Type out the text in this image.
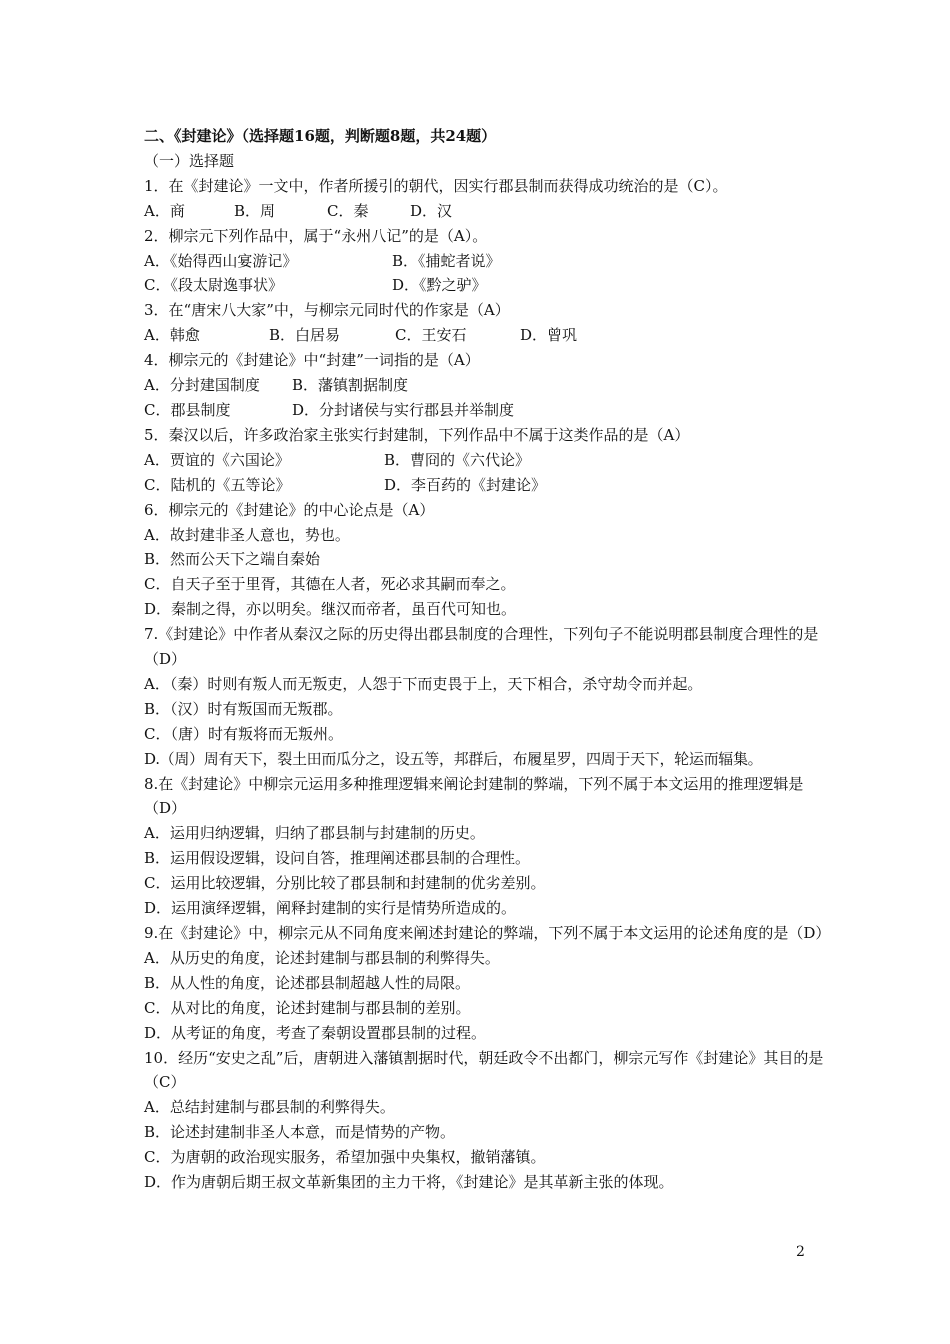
二、《封建论》（选择题16题，判断题8题，共24题）

（一）选择题

1．在《封建论》一文中，作者所援引的朝代，因实行郡县制而获得成功统治的是（C）。

A．商	B．周	C．秦	D．汉

2．柳宗元下列作品中，属于“永州八记”的是（A）。

A．《始得西山宴游记》	B．《捕蛇者说》

C．《段太尉逸事状》	D．《黔之驴》

3．在“唐宋八大家”中，与柳宗元同时代的作家是（A）

A．韩愈	B．白居易	C．王安石	D．曾巩

4．柳宗元的《封建论》中“封建”一词指的是（A）

A．分封建国制度 B．藩镇割据制度

C．郡县制度	D．分封诸侯与实行郡县并举制度

5．秦汉以后，许多政治家主张实行封建制，下列作品中不属于这类作品的是（A）

A．贾谊的《六国论》	B．曹冏的《六代论》

C．陆机的《五等论》	D．李百药的《封建论》

6．柳宗元的《封建论》的中心论点是（A）

A．故封建非圣人意也，势也。

B．然而公天下之端自秦始

C．自天子至于里胥，其德在人者，死必求其嗣而奉之。

D．秦制之得，亦以明矣。继汉而帝者，虽百代可知也。

7.《封建论》中作者从秦汉之际的历史得出郡县制度的合理性，下列句子不能说明郡县制度合理性的是（D）

A．（秦）时则有叛人而无叛吏，人怨于下而吏畏于上，天下相合，杀守劫令而并起。

B．（汉）时有叛国而无叛郡。

C．（唐）时有叛将而无叛州。

D.（周）周有天下，裂土田而瓜分之，设五等，邦群后，布履星罗，四周于天下，轮运而辐集。

8.在《封建论》中柳宗元运用多种推理逻辑来阐论封建制的弊端，下列不属于本文运用的推理逻辑是（D）

A．运用归纳逻辑，归纳了郡县制与封建制的历史。

B．运用假设逻辑，设问自答，推理阐述郡县制的合理性。

C．运用比较逻辑，分别比较了郡县制和封建制的优劣差别。

D．运用演绎逻辑，阐释封建制的实行是情势所造成的。

9.在《封建论》中，柳宗元从不同角度来阐述封建论的弊端，下列不属于本文运用的论述角度的是（D）

A．从历史的角度，论述封建制与郡县制的利弊得失。

B．从人性的角度，论述郡县制超越人性的局限。

C．从对比的角度，论述封建制与郡县制的差别。

D．从考证的角度，考查了秦朝设置郡县制的过程。

10．经历“安史之乱”后，唐朝进入藩镇割据时代，朝廷政令不出都门，柳宗元写作《封建论》其目的是（C）

A．总结封建制与郡县制的利弊得失。

B．论述封建制非圣人本意，而是情势的产物。

C．为唐朝的政治现实服务，希望加强中央集权，撤销藩镇。

D．作为唐朝后期王叔文革新集团的主力干将，《封建论》是其革新主张的体现。

2
